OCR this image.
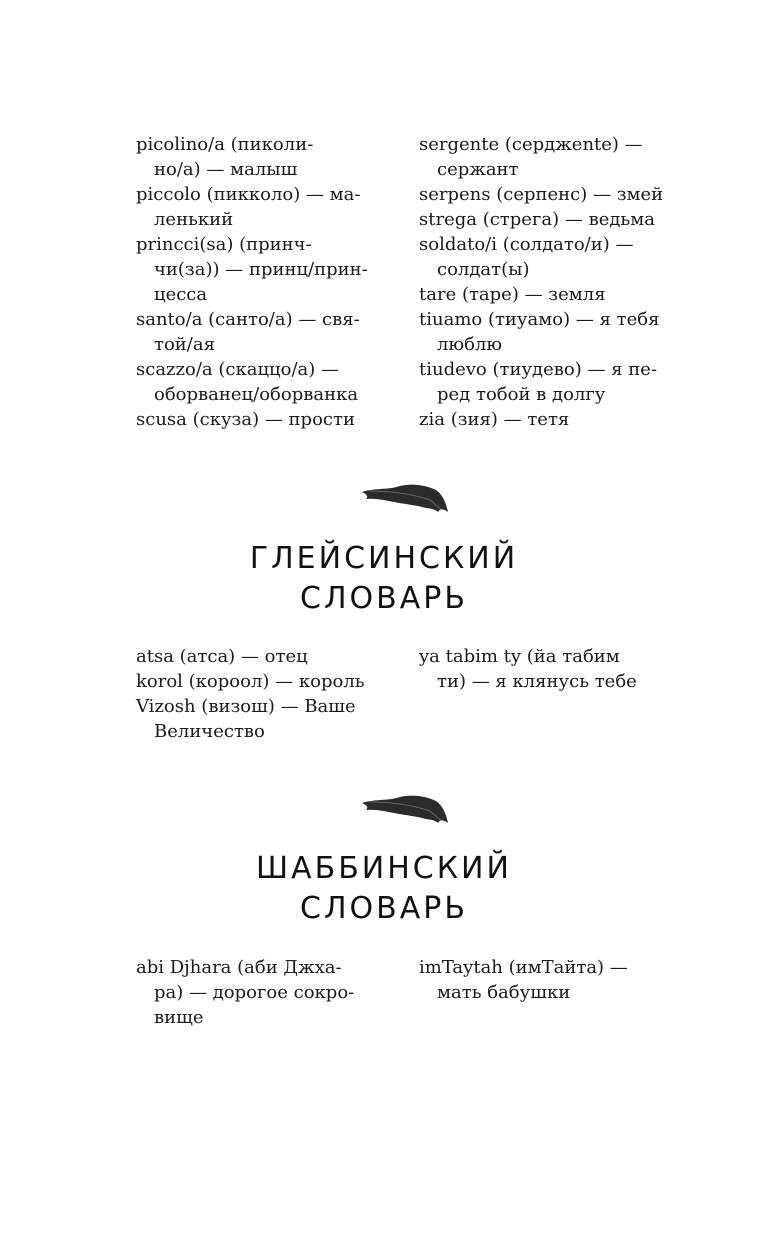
picolino/a (пиколи-
но/а) — малыш
piccolo (пикколо) — ма-
ленький
princci(sa) (принч-
чи(за)) — принц/прин-
цесса
santo/a (санто/а) — свя-
той/ая
scazzo/a (скаццо/а) —
оборванец/оборванка
scusa (скуза) — прости
sergente (серджente) —
сержант
serpens (серпенс) — змей
strega (стрега) — ведьма
soldato/i (солдато/и) —
солдат(ы)
tare (таре) — земля
tiuamo (тиуамо) — я тебя
люблю
tiudevo (тиудево) — я пе-
ред тобой в долгу
zia (зия) — тетя
ГЛЕЙСИНСКИЙ
СЛОВАРЬ
atsa (атса) — отец
korol (короол) — король
Vizosh (визош) — Ваше
Величество
ya tabim ty (йа табим
ти) — я клянусь тебе
ШАББИНСКИЙ
СЛОВАРЬ
abi Djhara (аби Джха-
ра) — дорогое сокро-
вище
imTaytah (имТайта) —
мать бабушки
